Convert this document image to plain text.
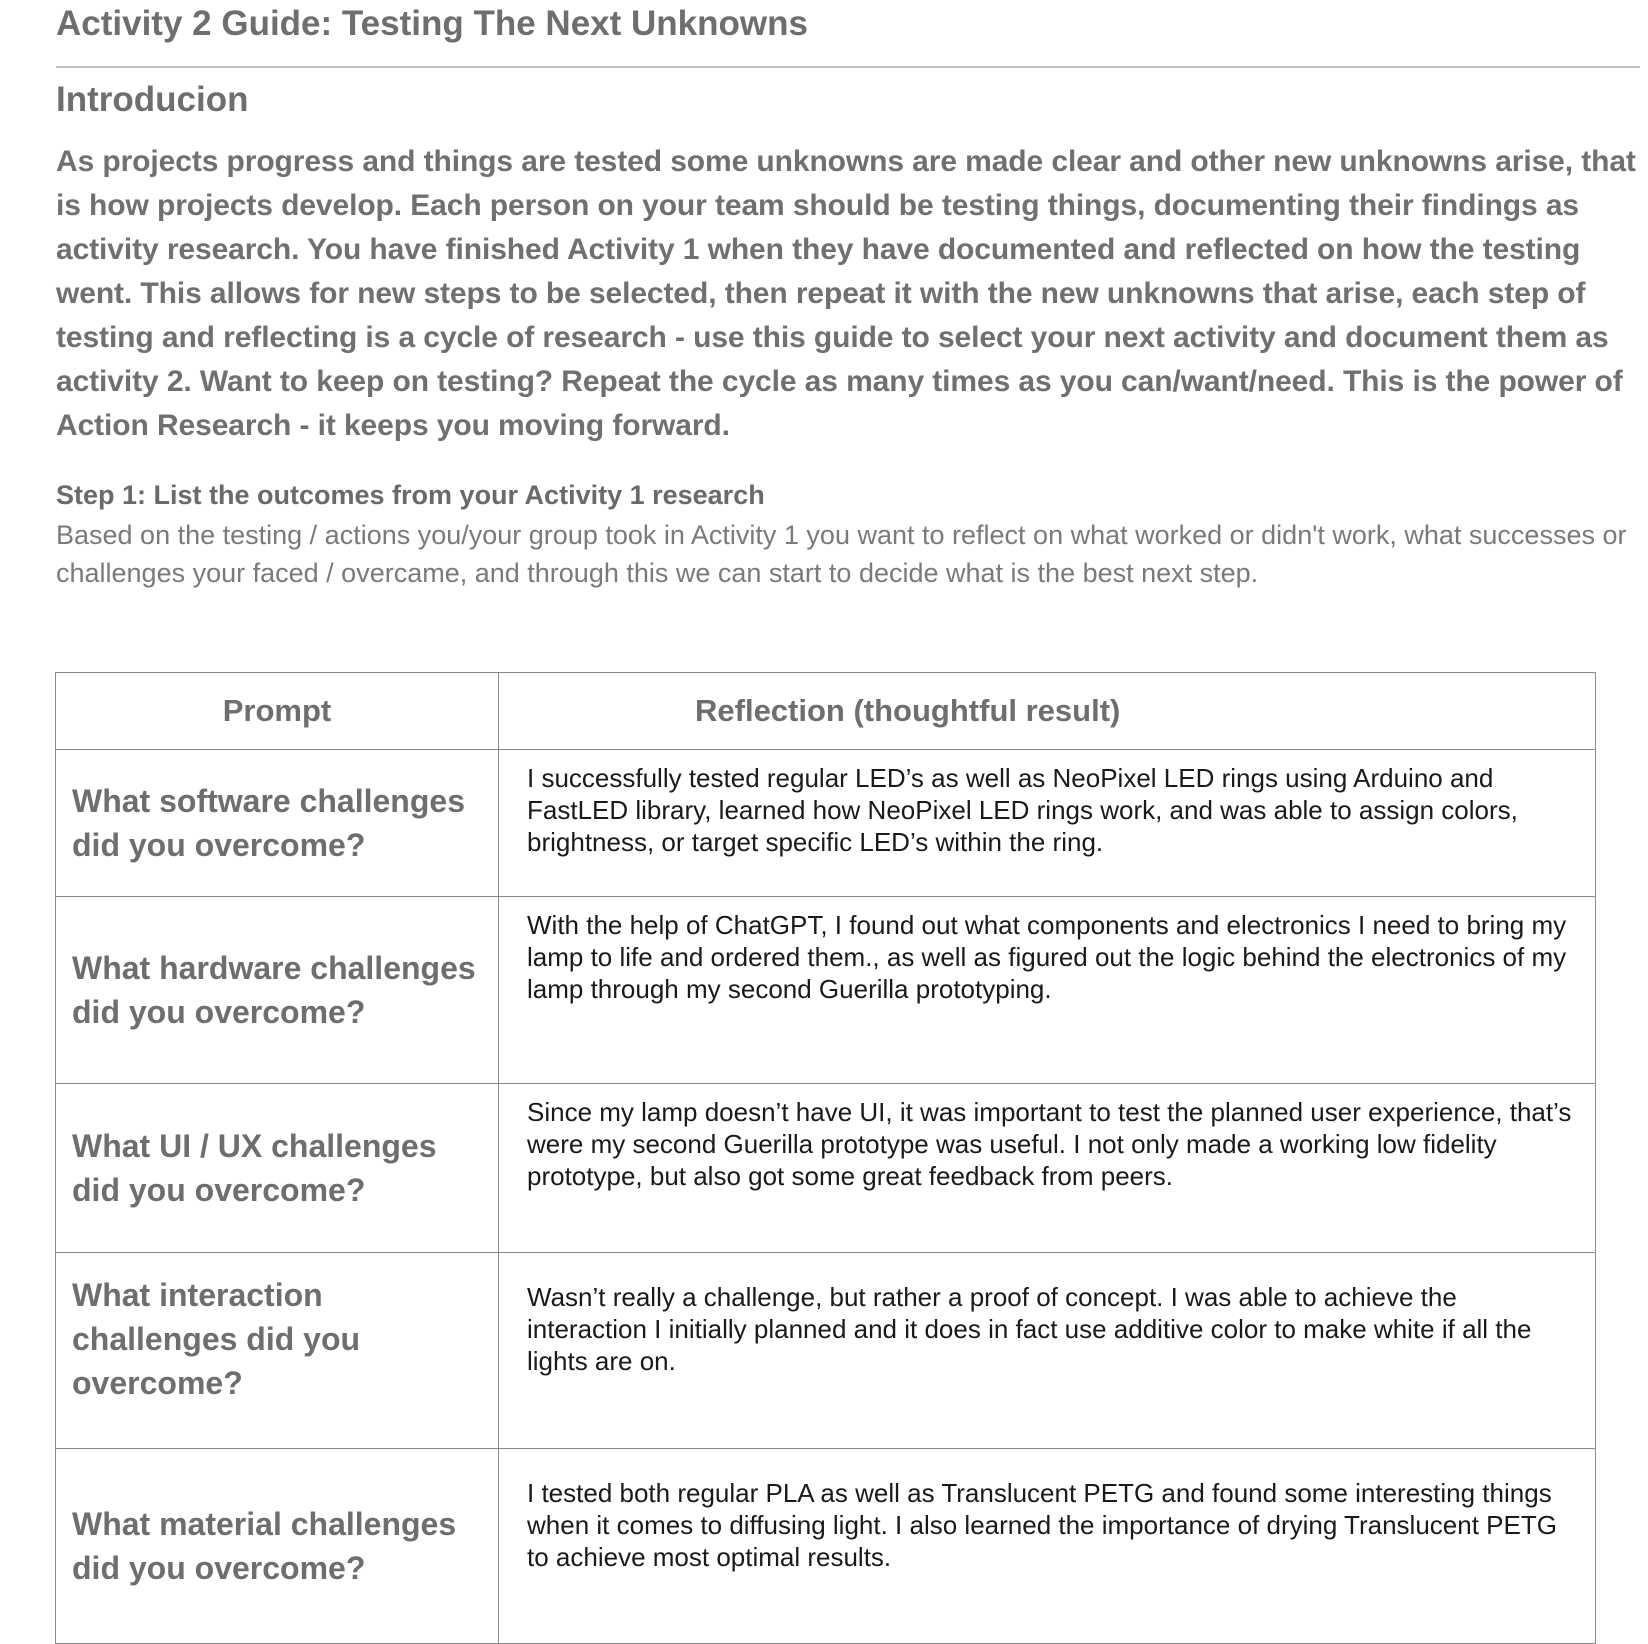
Activity 2 Guide: Testing The Next Unknowns
Introducion
As projects progress and things are tested some unknowns are made clear and other new unknowns arise, that is how projects develop. Each person on your team should be testing things, documenting their findings as activity research. You have finished Activity 1 when they have documented and reflected on how the testing went. This allows for new steps to be selected, then repeat it with the new unknowns that arise, each step of testing and reflecting is a cycle of research - use this guide to select your next activity and document them as activity 2. Want to keep on testing? Repeat the cycle as many times as you can/want/need. This is the power of Action Research - it keeps you moving forward.
Step 1: List the outcomes from your Activity 1 research
Based on the testing / actions you/your group took in Activity 1 you want to reflect on what worked or didn't work, what successes or challenges your faced / overcame, and through this we can start to decide what is the best next step.
Prompt	Reflection (thoughtful result)
What software challenges did you overcome?	I successfully tested regular LED’s as well as NeoPixel LED rings using Arduino and FastLED library, learned how NeoPixel LED rings work, and was able to assign colors, brightness, or target specific LED’s within the ring.
What hardware challenges did you overcome?	With the help of ChatGPT, I found out what components and electronics I need to bring my lamp to life and ordered them., as well as figured out the logic behind the electronics of my lamp through my second Guerilla prototyping.
What UI / UX challenges did you overcome?	Since my lamp doesn’t have UI, it was important to test the planned user experience, that’s were my second Guerilla prototype was useful. I not only made a working low fidelity prototype, but also got some great feedback from peers.
What interaction challenges did you overcome?	Wasn’t really a challenge, but rather a proof of concept. I was able to achieve the interaction I initially planned and it does in fact use additive color to make white if all the lights are on.
What material challenges did you overcome?	I tested both regular PLA as well as Translucent PETG and found some interesting things when it comes to diffusing light. I also learned the importance of drying Translucent PETG to achieve most optimal results.
